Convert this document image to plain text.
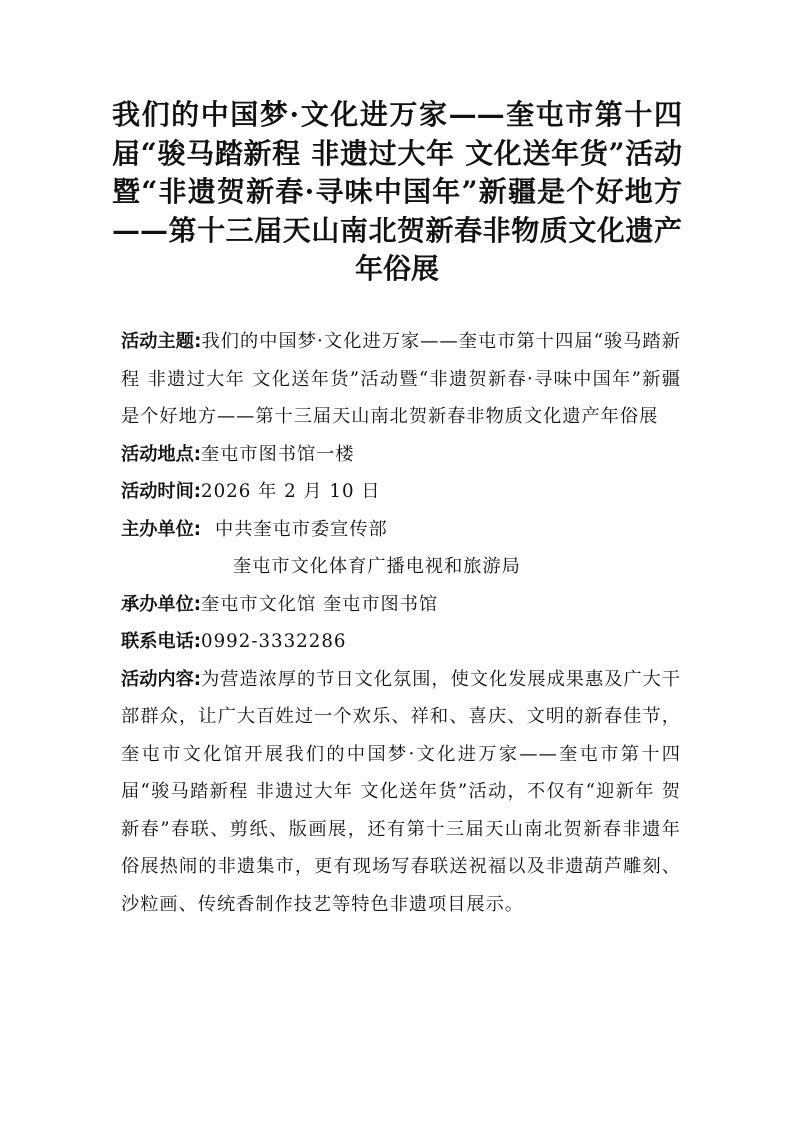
我们的中国梦·文化进万家——奎屯市第十四届“骏马踏新程 非遗过大年 文化送年货”活动暨“非遗贺新春·寻味中国年”新疆是个好地方——第十三届天山南北贺新春非物质文化遗产年俗展

活动主题:我们的中国梦·文化进万家——奎屯市第十四届“骏马踏新程 非遗过大年 文化送年货”活动暨“非遗贺新春·寻味中国年”新疆是个好地方——第十三届天山南北贺新春非物质文化遗产年俗展

活动地点:奎屯市图书馆一楼

活动时间:2026 年 2 月 10 日

主办单位: 中共奎屯市委宣传部

奎屯市文化体育广播电视和旅游局

承办单位:奎屯市文化馆 奎屯市图书馆

联系电话:0992-3332286

活动内容:为营造浓厚的节日文化氛围，使文化发展成果惠及广大干部群众，让广大百姓过一个欢乐、祥和、喜庆、文明的新春佳节，奎屯市文化馆开展我们的中国梦·文化进万家——奎屯市第十四届“骏马踏新程 非遗过大年 文化送年货”活动，不仅有“迎新年 贺新春”春联、剪纸、版画展，还有第十三届天山南北贺新春非遗年俗展热闹的非遗集市，更有现场写春联送祝福以及非遗葫芦雕刻、沙粒画、传统香制作技艺等特色非遗项目展示。
